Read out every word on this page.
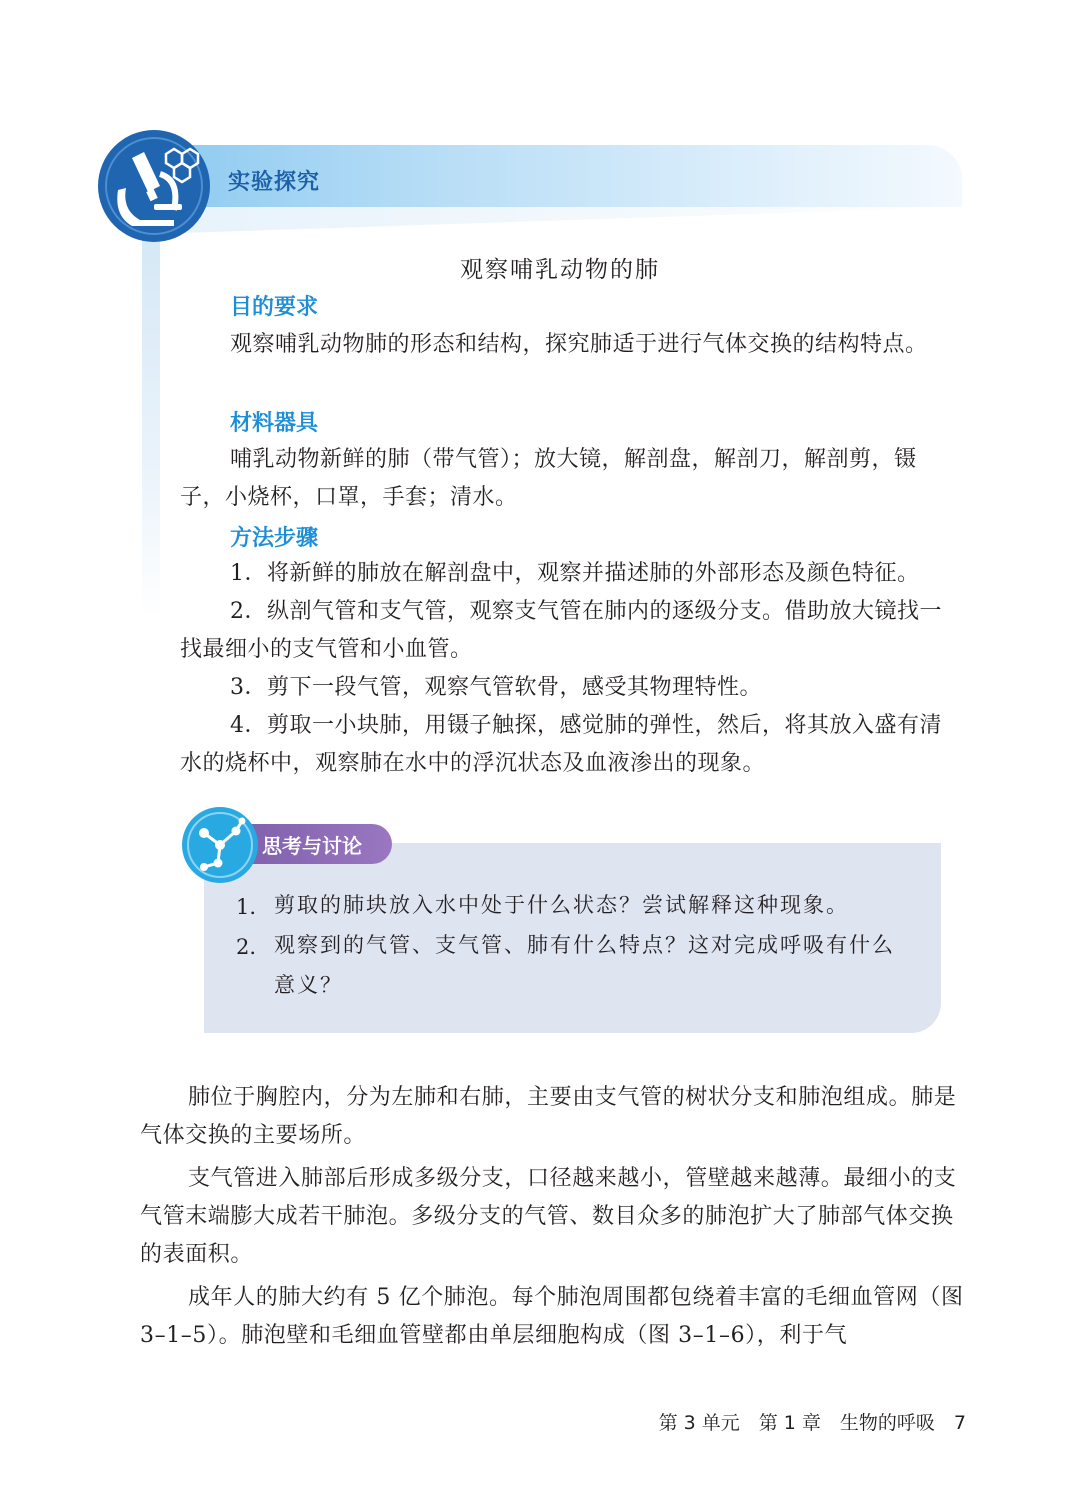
实验探究
观察哺乳动物的肺
目的要求

观察哺乳动物肺的形态和结构，探究肺适于进行气体交换的结构特点。

材料器具

哺乳动物新鲜的肺（带气管）；放大镜，解剖盘，解剖刀，解剖剪，镊子，小烧杯，口罩，手套；清水。

方法步骤

1．将新鲜的肺放在解剖盘中，观察并描述肺的外部形态及颜色特征。

2．纵剖气管和支气管，观察支气管在肺内的逐级分支。借助放大镜找一找最细小的支气管和小血管。

3．剪下一段气管，观察气管软骨，感受其物理特性。

4．剪取一小块肺，用镊子触探，感觉肺的弹性，然后，将其放入盛有清水的烧杯中，观察肺在水中的浮沉状态及血液渗出的现象。

思考与讨论
1. 剪取的肺块放入水中处于什么状态？尝试解释这种现象。

2. 观察到的气管、支气管、肺有什么特点？这对完成呼吸有什么意义？

肺位于胸腔内，分为左肺和右肺，主要由支气管的树状分支和肺泡组成。肺是气体交换的主要场所。

支气管进入肺部后形成多级分支，口径越来越小，管壁越来越薄。最细小的支气管末端膨大成若干肺泡。多级分支的气管、数目众多的肺泡扩大了肺部气体交换的表面积。

成年人的肺大约有 5 亿个肺泡。每个肺泡周围都包绕着丰富的毛细血管网（图 3–1–5）。肺泡壁和毛细血管壁都由单层细胞构成（图 3–1–6），利于气

第 3 单元　第 1 章　生物的呼吸　7
